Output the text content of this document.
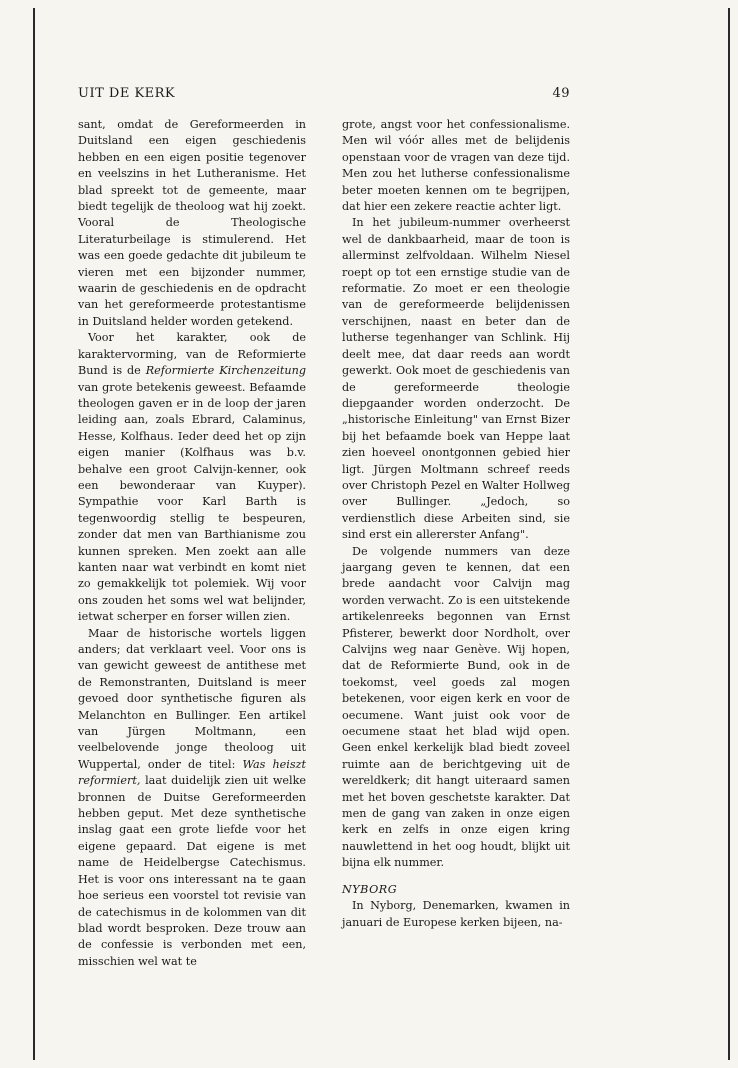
UIT DE KERK	49

sant, omdat de Gereformeerden in Duitsland een eigen geschiedenis hebben en een eigen positie tegenover en veelszins in het Lutheranisme. Het blad spreekt tot de gemeente, maar biedt tegelijk de theoloog wat hij zoekt. Vooral de Theologische Literaturbeilage is stimulerend. Het was een goede gedachte dit jubileum te vieren met een bijzonder nummer, waarin de geschiedenis en de opdracht van het gereformeerde protestantisme in Duitsland helder worden getekend.

Voor het karakter, ook de karaktervorming, van de Reformierte Bund is de Reformierte Kirchenzeitung van grote betekenis geweest. Befaamde theologen gaven er in de loop der jaren leiding aan, zoals Ebrard, Calaminus, Hesse, Kolfhaus. Ieder deed het op zijn eigen manier (Kolfhaus was b.v. behalve een groot Calvijn-kenner, ook een bewonderaar van Kuyper). Sympathie voor Karl Barth is tegenwoordig stellig te bespeuren, zonder dat men van Barthianisme zou kunnen spreken. Men zoekt aan alle kanten naar wat verbindt en komt niet zo gemakkelijk tot polemiek. Wij voor ons zouden het soms wel wat belijnder, ietwat scherper en forser willen zien.

Maar de historische wortels liggen anders; dat verklaart veel. Voor ons is van gewicht geweest de antithese met de Remonstranten, Duitsland is meer gevoed door synthetische figuren als Melanchton en Bullinger. Een artikel van Jürgen Moltmann, een veelbelovende jonge theoloog uit Wuppertal, onder de titel: Was heiszt reformiert, laat duidelijk zien uit welke bronnen de Duitse Gereformeerden hebben geput. Met deze synthetische inslag gaat een grote liefde voor het eigene gepaard. Dat eigene is met name de Heidelbergse Catechismus. Het is voor ons interessant na te gaan hoe serieus een voorstel tot revisie van de catechismus in de kolommen van dit blad wordt besproken. Deze trouw aan de confessie is verbonden met een, misschien wel wat te

grote, angst voor het confessionalisme. Men wil vóór alles met de belijdenis openstaan voor de vragen van deze tijd. Men zou het lutherse confessionalisme beter moeten kennen om te begrijpen, dat hier een zekere reactie achter ligt.

In het jubileum-nummer overheerst wel de dankbaarheid, maar de toon is allerminst zelfvoldaan. Wilhelm Niesel roept op tot een ernstige studie van de reformatie. Zo moet er een theologie van de gereformeerde belijdenissen verschijnen, naast en beter dan de lutherse tegenhanger van Schlink. Hij deelt mee, dat daar reeds aan wordt gewerkt. Ook moet de geschiedenis van de gereformeerde theologie diepgaander worden onderzocht. De „historische Einleitung" van Ernst Bizer bij het befaamde boek van Heppe laat zien hoeveel onontgonnen gebied hier ligt. Jürgen Moltmann schreef reeds over Christoph Pezel en Walter Hollweg over Bullinger. „Jedoch, so verdienstlich diese Arbeiten sind, sie sind erst ein allererster Anfang".

De volgende nummers van deze jaargang geven te kennen, dat een brede aandacht voor Calvijn mag worden verwacht. Zo is een uitstekende artikelenreeks begonnen van Ernst Pfisterer, bewerkt door Nordholt, over Calvijns weg naar Genève. Wij hopen, dat de Reformierte Bund, ook in de toekomst, veel goeds zal mogen betekenen, voor eigen kerk en voor de oecumene. Want juist ook voor de oecumene staat het blad wijd open. Geen enkel kerkelijk blad biedt zoveel ruimte aan de berichtgeving uit de wereldkerk; dit hangt uiteraard samen met het boven geschetste karakter. Dat men de gang van zaken in onze eigen kerk en zelfs in onze eigen kring nauwlettend in het oog houdt, blijkt uit bijna elk nummer.

NYBORG

In Nyborg, Denemarken, kwamen in januari de Europese kerken bijeen, na-
